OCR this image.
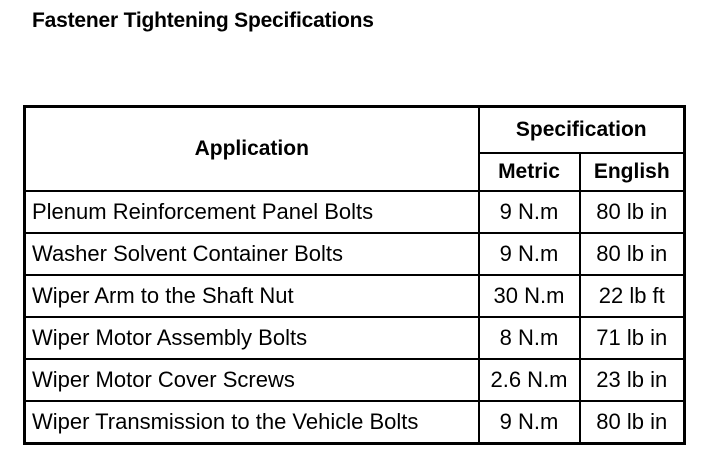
Fastener Tightening Specifications
Application	Specification	
	Metric	English
Plenum Reinforcement Panel Bolts	9 N.m	80 lb in
Washer Solvent Container Bolts	9 N.m	80 lb in
Wiper Arm to the Shaft Nut	30 N.m	22 lb ft
Wiper Motor Assembly Bolts	8 N.m	71 lb in
Wiper Motor Cover Screws	2.6 N.m	23 lb in
Wiper Transmission to the Vehicle Bolts	9 N.m	80 lb in
